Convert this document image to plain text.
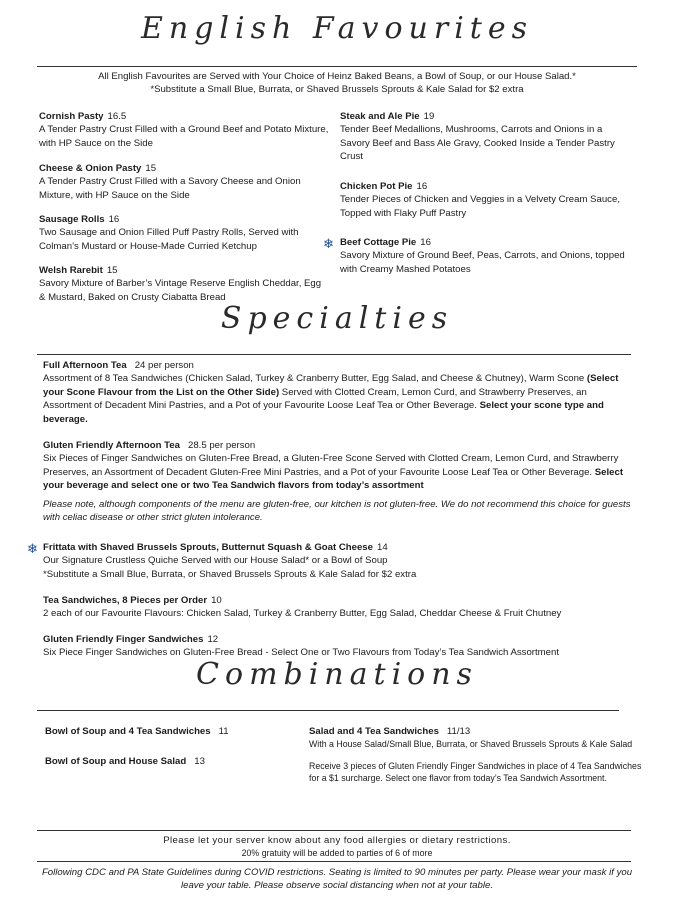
English Favourites
All English Favourites are Served with Your Choice of Heinz Baked Beans, a Bowl of Soup, or our House Salad.*
*Substitute a Small Blue, Burrata, or Shaved Brussels Sprouts & Kale Salad for $2 extra
Cornish Pasty 16.5
A Tender Pastry Crust Filled with a Ground Beef and Potato Mixture, with HP Sauce on the Side
Cheese & Onion Pasty 15
A Tender Pastry Crust Filled with a Savory Cheese and Onion Mixture, with HP Sauce on the Side
Sausage Rolls 16
Two Sausage and Onion Filled Puff Pastry Rolls, Served with Colman’s Mustard or House-Made Curried Ketchup
Welsh Rarebit 15
Savory Mixture of Barber’s Vintage Reserve English Cheddar, Egg & Mustard, Baked on Crusty Ciabatta Bread
Steak and Ale Pie 19
Tender Beef Medallions, Mushrooms, Carrots and Onions in a Savory Beef and Bass Ale Gravy, Cooked Inside a Tender Pastry Crust
Chicken Pot Pie 16
Tender Pieces of Chicken and Veggies in a Velvety Cream Sauce, Topped with Flaky Puff Pastry
❄ Beef Cottage Pie 16
Savory Mixture of Ground Beef, Peas, Carrots, and Onions, topped with Creamy Mashed Potatoes
Specialties
Full Afternoon Tea 24 per person
Assortment of 8 Tea Sandwiches (Chicken Salad, Turkey & Cranberry Butter, Egg Salad, and Cheese & Chutney), Warm Scone (Select your Scone Flavour from the List on the Other Side) Served with Clotted Cream, Lemon Curd, and Strawberry Preserves, an Assortment of Decadent Mini Pastries, and a Pot of your Favourite Loose Leaf Tea or Other Beverage. Select your scone type and beverage.
Gluten Friendly Afternoon Tea 28.5 per person
Six Pieces of Finger Sandwiches on Gluten-Free Bread, a Gluten-Free Scone Served with Clotted Cream, Lemon Curd, and Strawberry Preserves, an Assortment of Decadent Gluten-Free Mini Pastries, and a Pot of your Favourite Loose Leaf Tea or Other Beverage. Select your beverage and select one or two Tea Sandwich flavors from today’s assortment
Please note, although components of the menu are gluten-free, our kitchen is not gluten-free. We do not recommend this choice for guests with celiac disease or other strict gluten intolerance.
❄ Frittata with Shaved Brussels Sprouts, Butternut Squash & Goat Cheese 14
Our Signature Crustless Quiche Served with our House Salad* or a Bowl of Soup
*Substitute a Small Blue, Burrata, or Shaved Brussels Sprouts & Kale Salad for $2 extra
Tea Sandwiches, 8 Pieces per Order 10
2 each of our Favourite Flavours: Chicken Salad, Turkey & Cranberry Butter, Egg Salad, Cheddar Cheese & Fruit Chutney
Gluten Friendly Finger Sandwiches 12
Six Piece Finger Sandwiches on Gluten-Free Bread - Select One or Two Flavours from Today’s Tea Sandwich Assortment
Combinations
Bowl of Soup and 4 Tea Sandwiches 11
Bowl of Soup and House Salad 13
Salad and 4 Tea Sandwiches 11/13
With a House Salad/Small Blue, Burrata, or Shaved Brussels Sprouts & Kale Salad
Receive 3 pieces of Gluten Friendly Finger Sandwiches in place of 4 Tea Sandwiches for a $1 surcharge. Select one flavor from today’s Tea Sandwich Assortment.
Please let your server know about any food allergies or dietary restrictions.
20% gratuity will be added to parties of 6 of more
Following CDC and PA State Guidelines during COVID restrictions. Seating is limited to 90 minutes per party. Please wear your mask if you leave your table. Please observe social distancing when not at your table.
